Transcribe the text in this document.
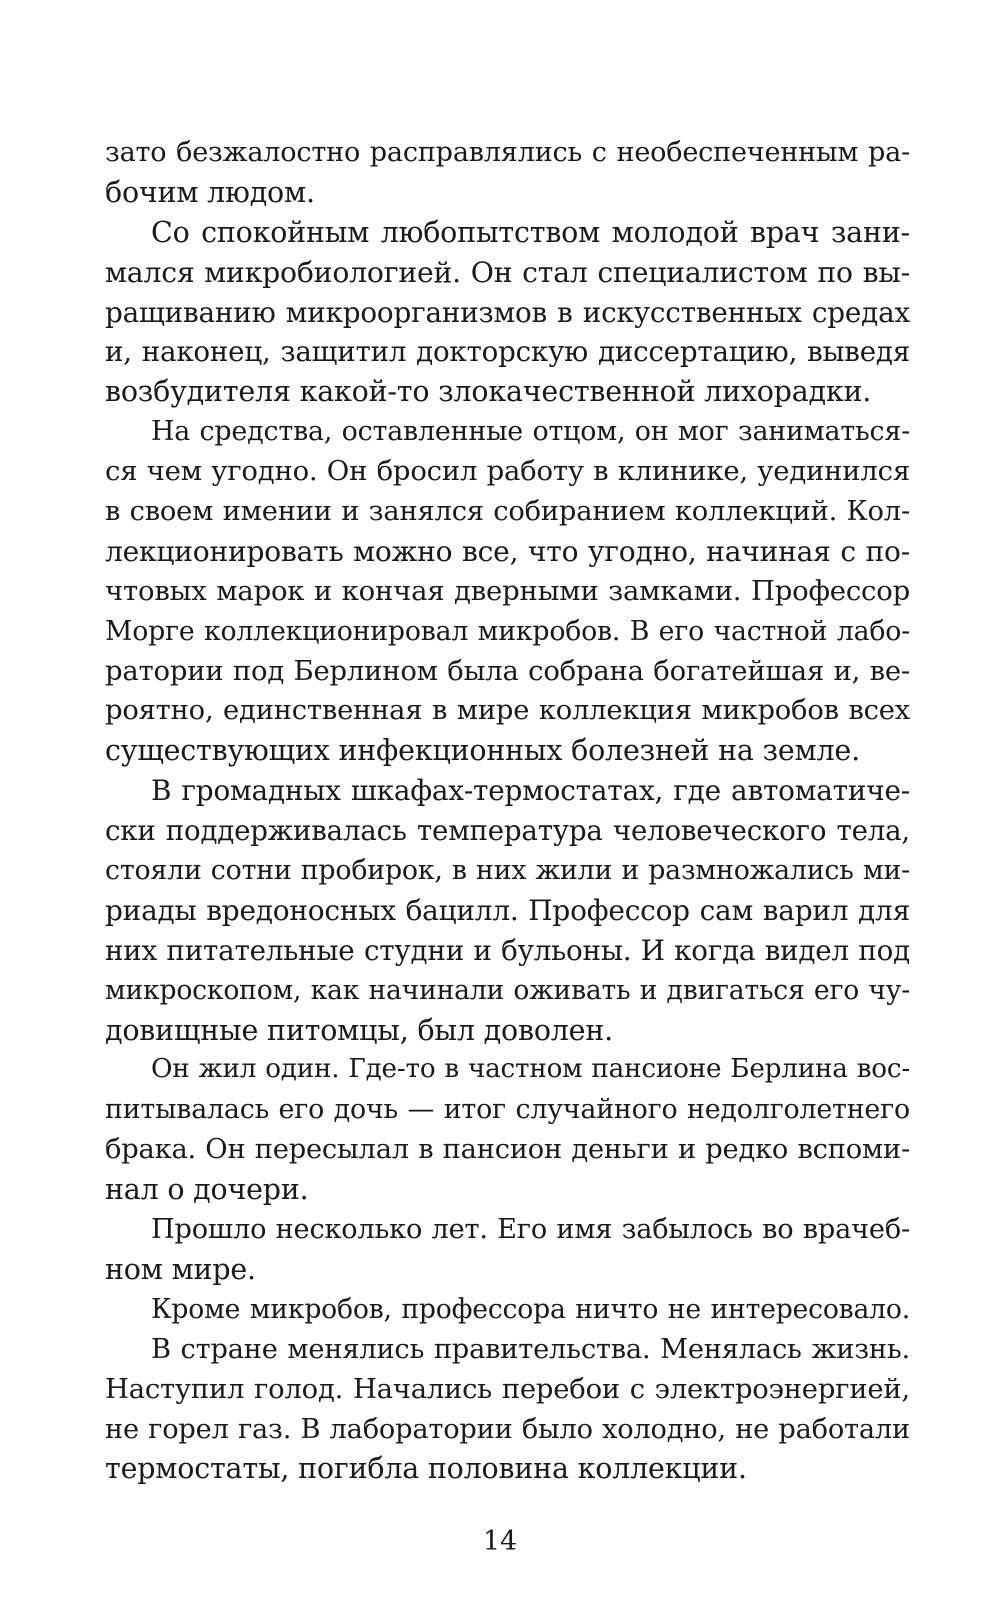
зато безжалостно расправлялись с необеспеченным ра-
бочим людом.
Со спокойным любопытством молодой врач зани-
мался микробиологией. Он стал специалистом по вы-
ращиванию микроорганизмов в искусственных средах
и, наконец, защитил докторскую диссертацию, выведя
возбудителя какой-то злокачественной лихорадки.
На средства, оставленные отцом, он мог заниматься-
ся чем угодно. Он бросил работу в клинике, уединился
в своем имении и занялся собиранием коллекций. Кол-
лекционировать можно все, что угодно, начиная с по-
чтовых марок и кончая дверными замками. Профессор
Морге коллекционировал микробов. В его частной лабо-
ратории под Берлином была собрана богатейшая и, ве-
роятно, единственная в мире коллекция микробов всех
существующих инфекционных болезней на земле.
В громадных шкафах-термостатах, где автоматиче-
ски поддерживалась температура человеческого тела,
стояли сотни пробирок, в них жили и размножались ми-
риады вредоносных бацилл. Профессор сам варил для
них питательные студни и бульоны. И когда видел под
микроскопом, как начинали оживать и двигаться его чу-
довищные питомцы, был доволен.
Он жил один. Где-то в частном пансионе Берлина вос-
питывалась его дочь — итог случайного недолголетнего
брака. Он пересылал в пансион деньги и редко вспоми-
нал о дочери.
Прошло несколько лет. Его имя забылось во врачеб-
ном мире.
Кроме микробов, профессора ничто не интересовало.
В стране менялись правительства. Менялась жизнь.
Наступил голод. Начались перебои с электроэнергией,
не горел газ. В лаборатории было холодно, не работали
термостаты, погибла половина коллекции.
14
